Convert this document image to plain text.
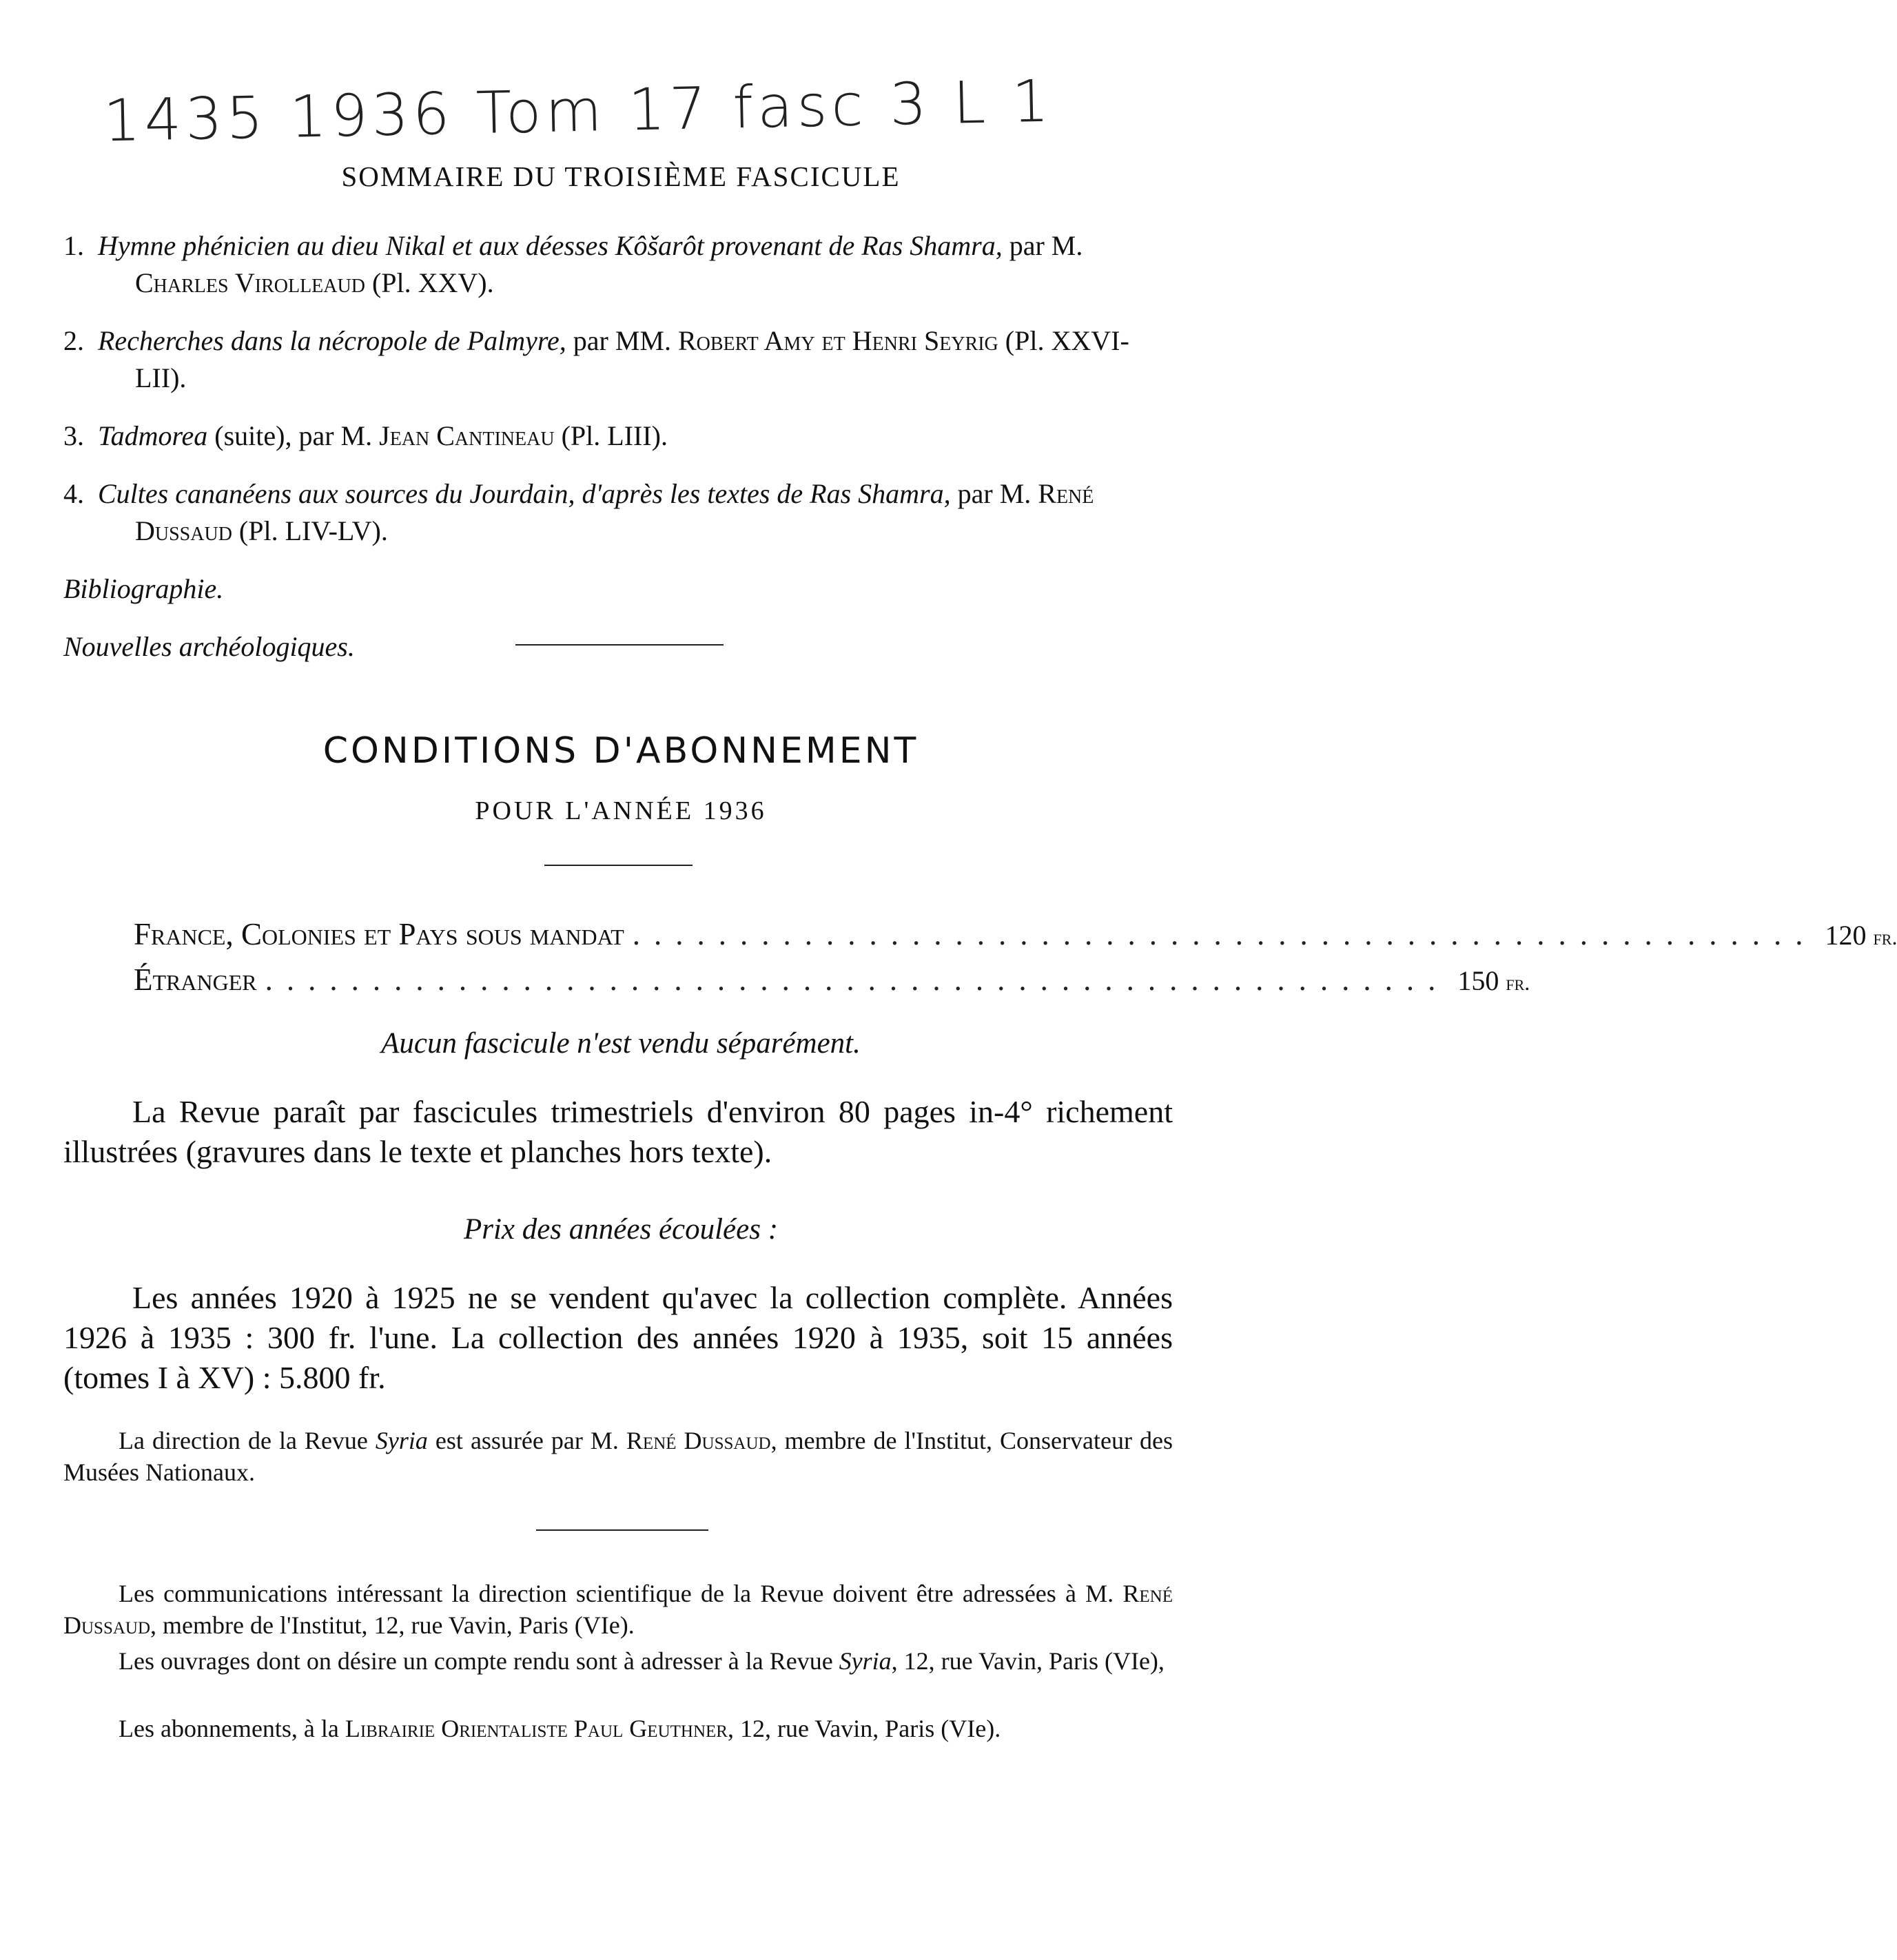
1435 1936 Tom 17 fasc 3 L 1
SOMMAIRE DU TROISIÈME FASCICULE
1. Hymne phénicien au dieu Nikal et aux déesses Kôšarôt provenant de Ras Shamra, par M. Charles Virolleaud (Pl. XXV).
2. Recherches dans la nécropole de Palmyre, par MM. Robert Amy et Henri Seyrig (Pl. XXVI-LII).
3. Tadmorea (suite), par M. Jean Cantineau (Pl. LIII).
4. Cultes cananéens aux sources du Jourdain, d'après les textes de Ras Shamra, par M. René Dussaud (Pl. LIV-LV).
Bibliographie.
Nouvelles archéologiques.
CONDITIONS D'ABONNEMENT
POUR L'ANNÉE 1936
France, Colonies et Pays sous mandat ....................................................... 120 fr.
Étranger ....................................................... 150 fr.
Aucun fascicule n'est vendu séparément.
La Revue paraît par fascicules trimestriels d'environ 80 pages in-4° richement illustrées (gravures dans le texte et planches hors texte).
Prix des années écoulées :
Les années 1920 à 1925 ne se vendent qu'avec la collection complète. Années 1926 à 1935 : 300 fr. l'une. La collection des années 1920 à 1935, soit 15 années (tomes I à XV) : 5.800 fr.
La direction de la Revue Syria est assurée par M. René Dussaud, membre de l'Institut, Conservateur des Musées Nationaux.
Les communications intéressant la direction scientifique de la Revue doivent être adressées à M. René Dussaud, membre de l'Institut, 12, rue Vavin, Paris (VIe).
Les ouvrages dont on désire un compte rendu sont à adresser à la Revue Syria, 12, rue Vavin, Paris (VIe),
Les abonnements, à la Librairie Orientaliste Paul Geuthner, 12, rue Vavin, Paris (VIe).
